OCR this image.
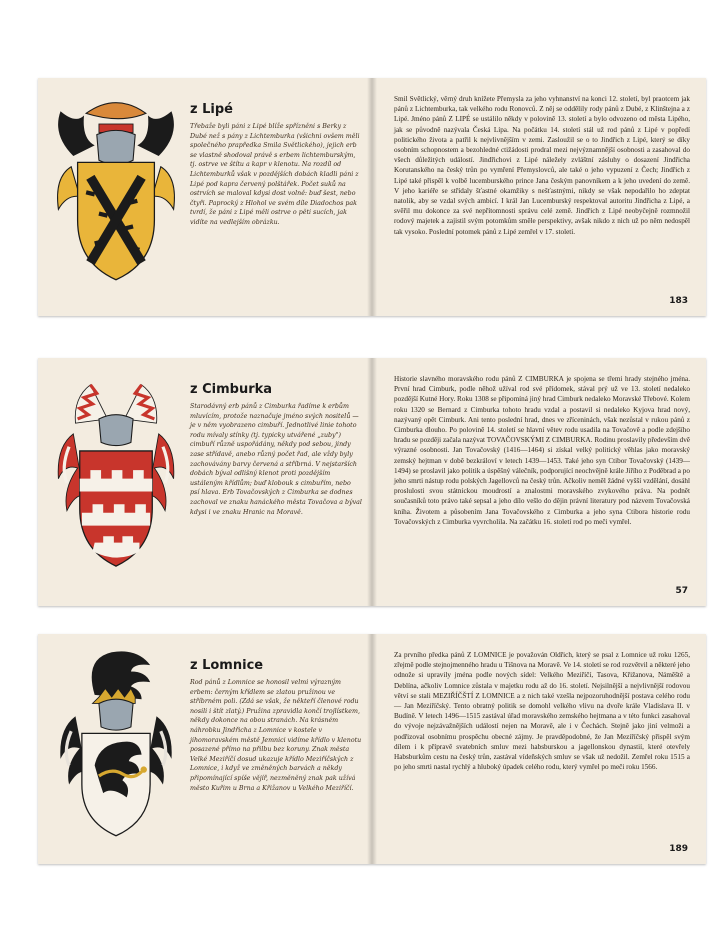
z Lipé

Třebaže byli páni z Lipé blíže spřízněni s Berky z Dubé než s pány z Lichtemburka (všichni ovšem měli společného prapředka Smila Světlického), jejich erb se vlastně shodoval právě s erbem lichtemburským, tj. ostrve ve štítu a kapr v klenotu. Na rozdíl od Lichtemburků však v pozdějších dobách kladli páni z Lipé pod kapra červený polštářek. Počet suků na ostrvích se maloval kdysi dost volně: buď šest, nebo čtyři. Paprocký z Hlohol ve svém díle Diadochos pak tvrdí, že páni z Lipé měli ostrve o pěti sucích, jak vidíte na vedlejším obrázku.

Smil Světlický, věrný druh knížete Přemysla za jeho vyhnanství na konci 12. století, byl praotcem jak pánů z Lichtemburka, tak velkého rodu Ronovců. Z něj se oddělily rody pánů z Dubé, z Klinštejna a z Lipé. Jméno pánů Z LIPÉ se ustálilo někdy v polovině 13. století a bylo odvozeno od města Lipého, jak se původně nazývala Česká Lípa. Na počátku 14. století stál už rod pánů z Lipé v popředí politického života a patřil k nejvlivnějším v zemi. Zasloužil se o to Jindřich z Lipé, který se díky osobním schopnostem a bezohledné ctižádosti prodral mezi nejvýznamnější osobnosti a zasahoval do všech důležitých událostí. Jindřichovi z Lipé náležely zvláštní zásluhy o dosazení Jindřicha Korutanského na český trůn po vymření Přemyslovců, ale také o jeho vypuzení z Čech; Jindřich z Lipé také přispěl k volbě lucemburského prince Jana českým panovníkem a k jeho uvedení do země. V jeho kariéře se střídaly šťastné okamžiky s nešťastnými, nikdy se však nepodařilo ho zdeptat natolik, aby se vzdal svých ambicí. I král Jan Lucemburský respektoval autoritu Jindřicha z Lipé, a svěřil mu dokonce za své nepřítomnosti správu celé země. Jindřich z Lipé neobyčejně rozmnožil rodový majetek a zajistil svým potomkům směle perspektivy, avšak nikdo z nich už po něm nedospěl tak vysoko. Poslední potomek pánů z Lipé zemřel v 17. století.

183
z Cimburka

Starodávný erb pánů z Cimburka řadíme k erbům mluvícím, protože naznačuje jméno svých nositelů — je v něm vyobrazeno cimbuří. Jednotlivé linie tohoto rodu mívaly stínky (tj. typicky utvářené „zuby") cimbuří různě uspořádány, někdy pod sebou, jindy zase střídavě, anebo různý počet řad, ale vždy byly zachovávány barvy červená a stříbrná. V nejstarších dobách býval odlišný klenot proti pozdějším ustáleným křídlům; buď klobouk s cimbuřím, nebo psí hlava. Erb Tovačovských z Cimburka se dodnes zachoval ve znaku hanáckého města Tovačova a býval kdysi i ve znaku Hranic na Moravě.

Historie slavného moravského rodu pánů Z CIMBURKA je spojena se třemi hrady stejného jména. První hrad Cimburk, podle něhož užíval rod své přídomek, stával prý už ve 13. století nedaleko pozdější Kutné Hory. Roku 1308 se připomíná jiný hrad Cimburk nedaleko Moravské Třebové. Kolem roku 1320 se Bernard z Cimburka tohoto hradu vzdal a postavil si nedaleko Kyjova hrad nový, nazývaný opět Cimburk. Ani tento poslední hrad, dnes ve zříceninách, však nezůstal v rukou pánů z Cimburka dlouho. Po polovině 14. století se hlavní větev rodu usadila na Tovačově a podle zdejšího hradu se později začala nazývat TOVAČOVSKÝMI Z CIMBURKA. Rodinu proslavily především dvě výrazné osobnosti. Jan Tovačovský (1416—1464) si získal velký politický věhlas jako moravský zemský hejtman v době bezkráloví v letech 1439—1453. Také jeho syn Ctibor Tovačovský (1439—1494) se proslavil jako politik a úspěšný válečník, podporující neochvějně krále Jiřího z Poděbrad a po jeho smrti nástup rodu polských Jagellovců na český trůn. Ačkoliv neměl žádné vyšší vzdělání, dosáhl proslulosti svou státnickou moudrostí a znalostmi moravského zvykového práva. Na podnět současníků toto právo také sepsal a jeho dílo vešlo do dějin právní literatury pod názvem Tovačovská kniha. Životem a působením Jana Tovačovského z Cimburka a jeho syna Ctibora historie rodu Tovačovských z Cimburka vyvrcholila. Na začátku 16. století rod po meči vymřel.

57
z Lomnice

Rod pánů z Lomnice se honosil velmi výrazným erbem: černým křídlem se zlatou pružinou ve stříbrném poli. (Zdá se však, že někteří členové rodu nosili i štít zlatý.) Pružina zpravidla končí trojlístkem, někdy dokonce na obou stranách. Na krásném náhrobku Jindřicha z Lomnice v kostele v jihomoravském městě Jemnici vidíme křídlo v klenotu posazené přímo na přilbu bez koruny. Znak města Velké Meziříčí dosud ukazuje křídlo Meziříčských z Lomnice, i když ve změněných barvách a někdy připomínající spíše vějíř, nezměněný znak pak užívá město Kuřim u Brna a Křižanov u Velkého Meziříčí.

Za prvního předka pánů Z LOMNICE je považován Oldřich, který se psal z Lomnice už roku 1265, zřejmě podle stejnojmenného hradu u Tišnova na Moravě. Ve 14. století se rod rozvětvil a některé jeho odnože si upravily jména podle nových sídel: Velkého Meziříčí, Tasova, Křižanova, Náměště a Deblína, ačkoliv Lomnice zůstala v majetku rodu až do 16. století. Nejsilnější a nejvlivnější rodovou větví se stali MEZIŘÍČŠTÍ Z LOMNICE a z nich také vzešla nejpozoruhodnější postava celého rodu — Jan Meziříčský. Tento obratný politik se domohl velkého vlivu na dvoře krále Vladislava II. v Budíně. V letech 1496—1515 zastával úřad moravského zemského hejtmana a v této funkci zasahoval do vývoje nejzávažnějších událostí nejen na Moravě, ale i v Čechách. Stejně jako jiní velmoži a podřizoval osobnímu prospěchu obecné zájmy. Je pravděpodobné, že Jan Meziříčský přispěl svým dílem i k přípravě svatebních smluv mezi habsburskou a jagellonskou dynastií, které otevřely Habsburkům cestu na český trůn, zastával vídeňských smluv se však už nedožil. Zemřel roku 1515 a po jeho smrti nastal rychlý a hluboký úpadek celého rodu, který vymřel po meči roku 1566.

189
